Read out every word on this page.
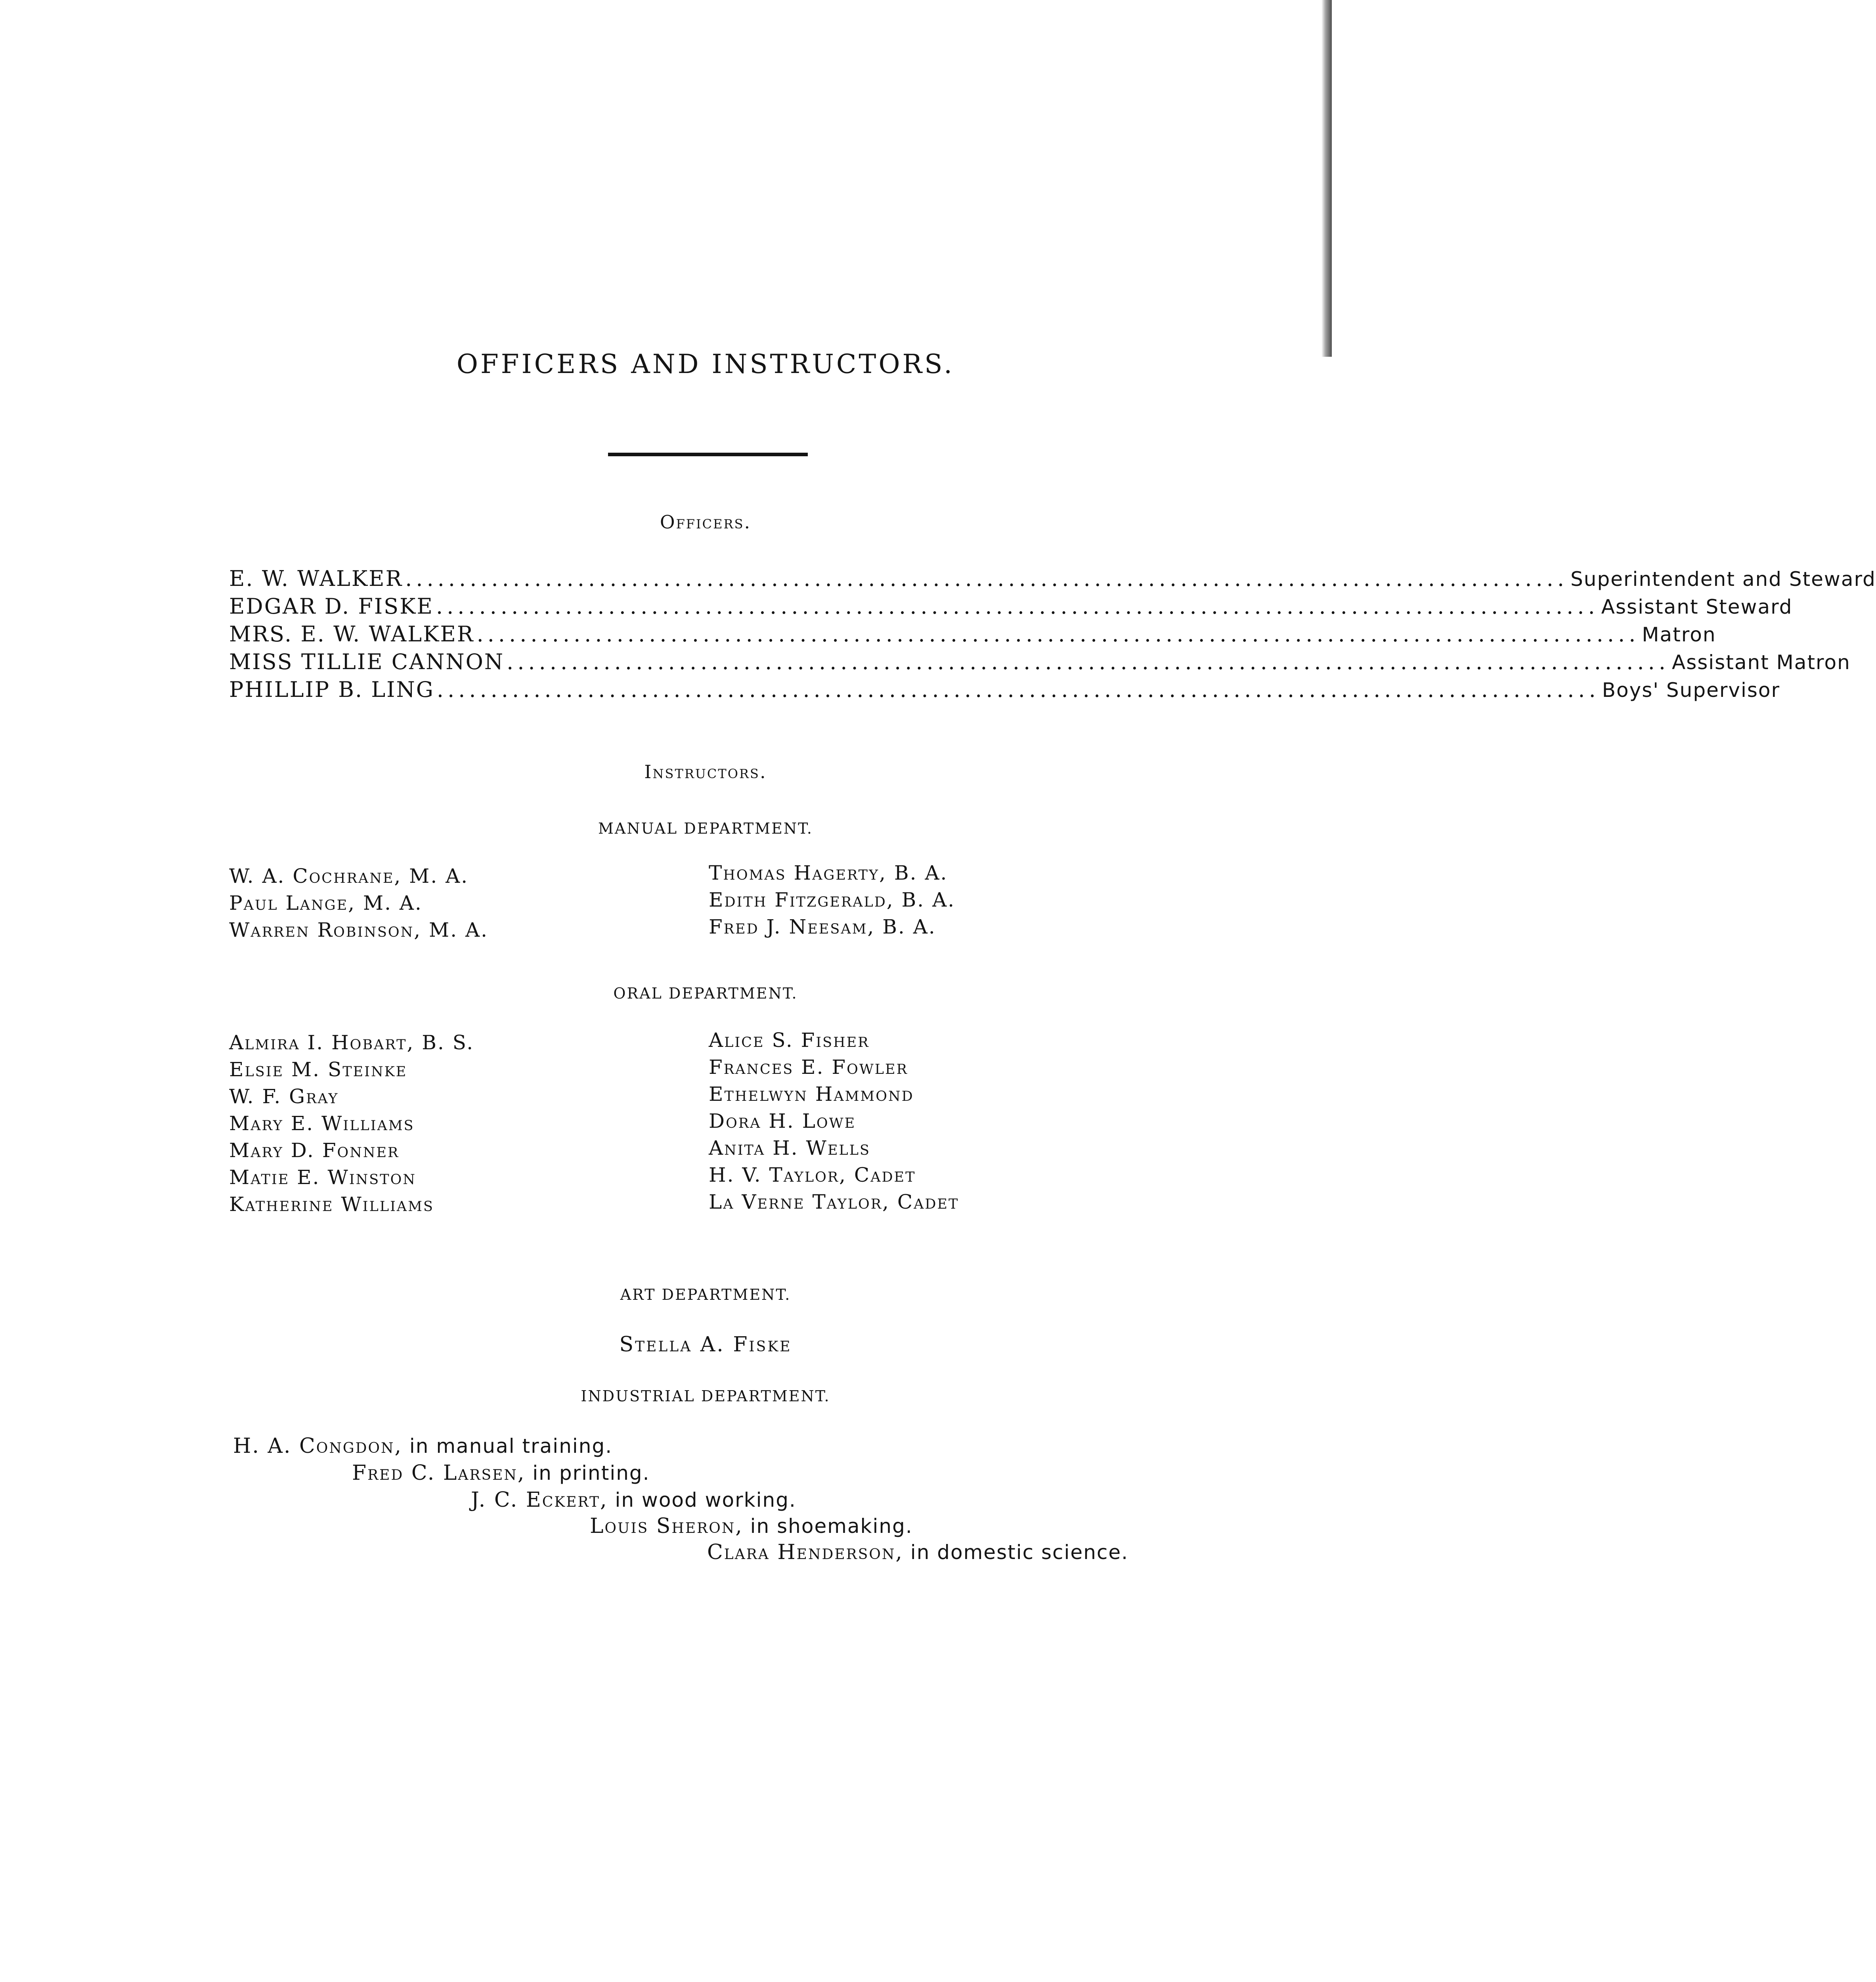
OFFICERS AND INSTRUCTORS.
Officers.
E. W. WALKER ............................................................................................................ Superintendent and Steward
EDGAR D. FISKE ............................................................................................................ Assistant Steward
MRS. E. W. WALKER ............................................................................................................ Matron
MISS TILLIE CANNON ............................................................................................................ Assistant Matron
PHILLIP B. LING ............................................................................................................ Boys' Supervisor
Instructors.
MANUAL DEPARTMENT.
W. A. Cochrane, M. A.
Paul Lange, M. A.
Warren Robinson, M. A.
Thomas Hagerty, B. A.
Edith Fitzgerald, B. A.
Fred J. Neesam, B. A.
ORAL DEPARTMENT.
Almira I. Hobart, B. S.
Elsie M. Steinke
W. F. Gray
Mary E. Williams
Mary D. Fonner
Matie E. Winston
Katherine Williams
Alice S. Fisher
Frances E. Fowler
Ethelwyn Hammond
Dora H. Lowe
Anita H. Wells
H. V. Taylor, Cadet
La Verne Taylor, Cadet
ART DEPARTMENT.
Stella A. Fiske
INDUSTRIAL DEPARTMENT.
H. A. Congdon, in manual training.
Fred C. Larsen, in printing.
J. C. Eckert, in wood working.
Louis Sheron, in shoemaking.
Clara Henderson, in domestic science.
